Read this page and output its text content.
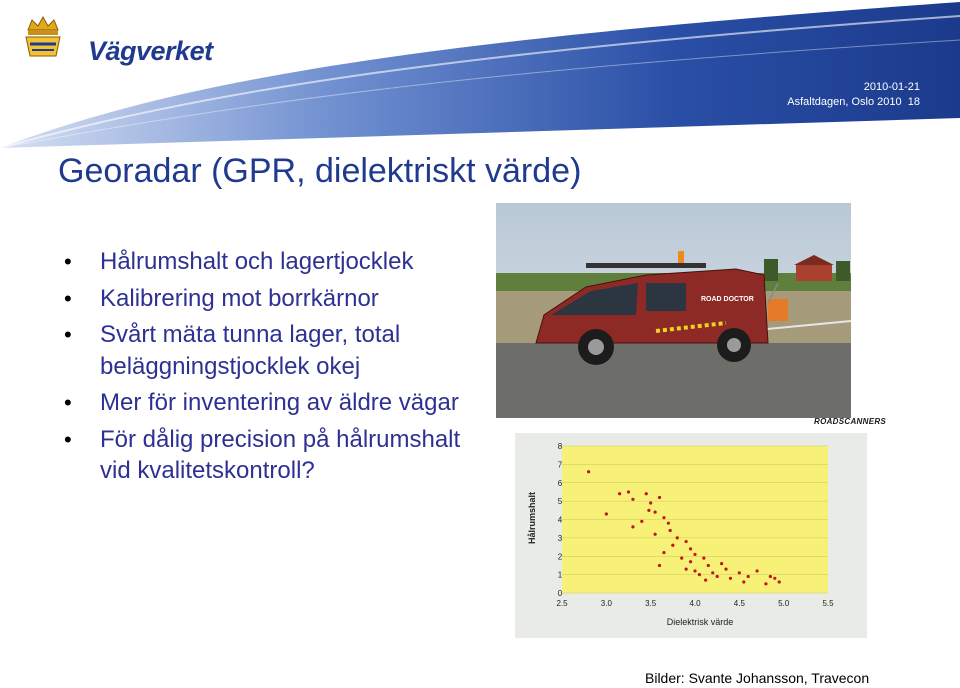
Vägverket
2010-01-21
Asfaltdagen, Oslo 2010 18
Georadar (GPR, dielektriskt värde)
• Hålrumshalt och lagertjocklek
• Kalibrering mot borrkärnor
• Svårt mäta tunna lager, total beläggningstjocklek okej
• Mer för inventering av äldre vägar
• För dålig precision på hålrumshalt vid kvalitetskontroll?
ROAD DOCTOR
ROADSCANNERS
0
1
2
3
4
5
6
7
8
2.5	3.0	3.5	4.0	4.5	5.0	5.5
Dielektrisk värde
Hålrumshalt
Bilder: Svante Johansson, Travecon
